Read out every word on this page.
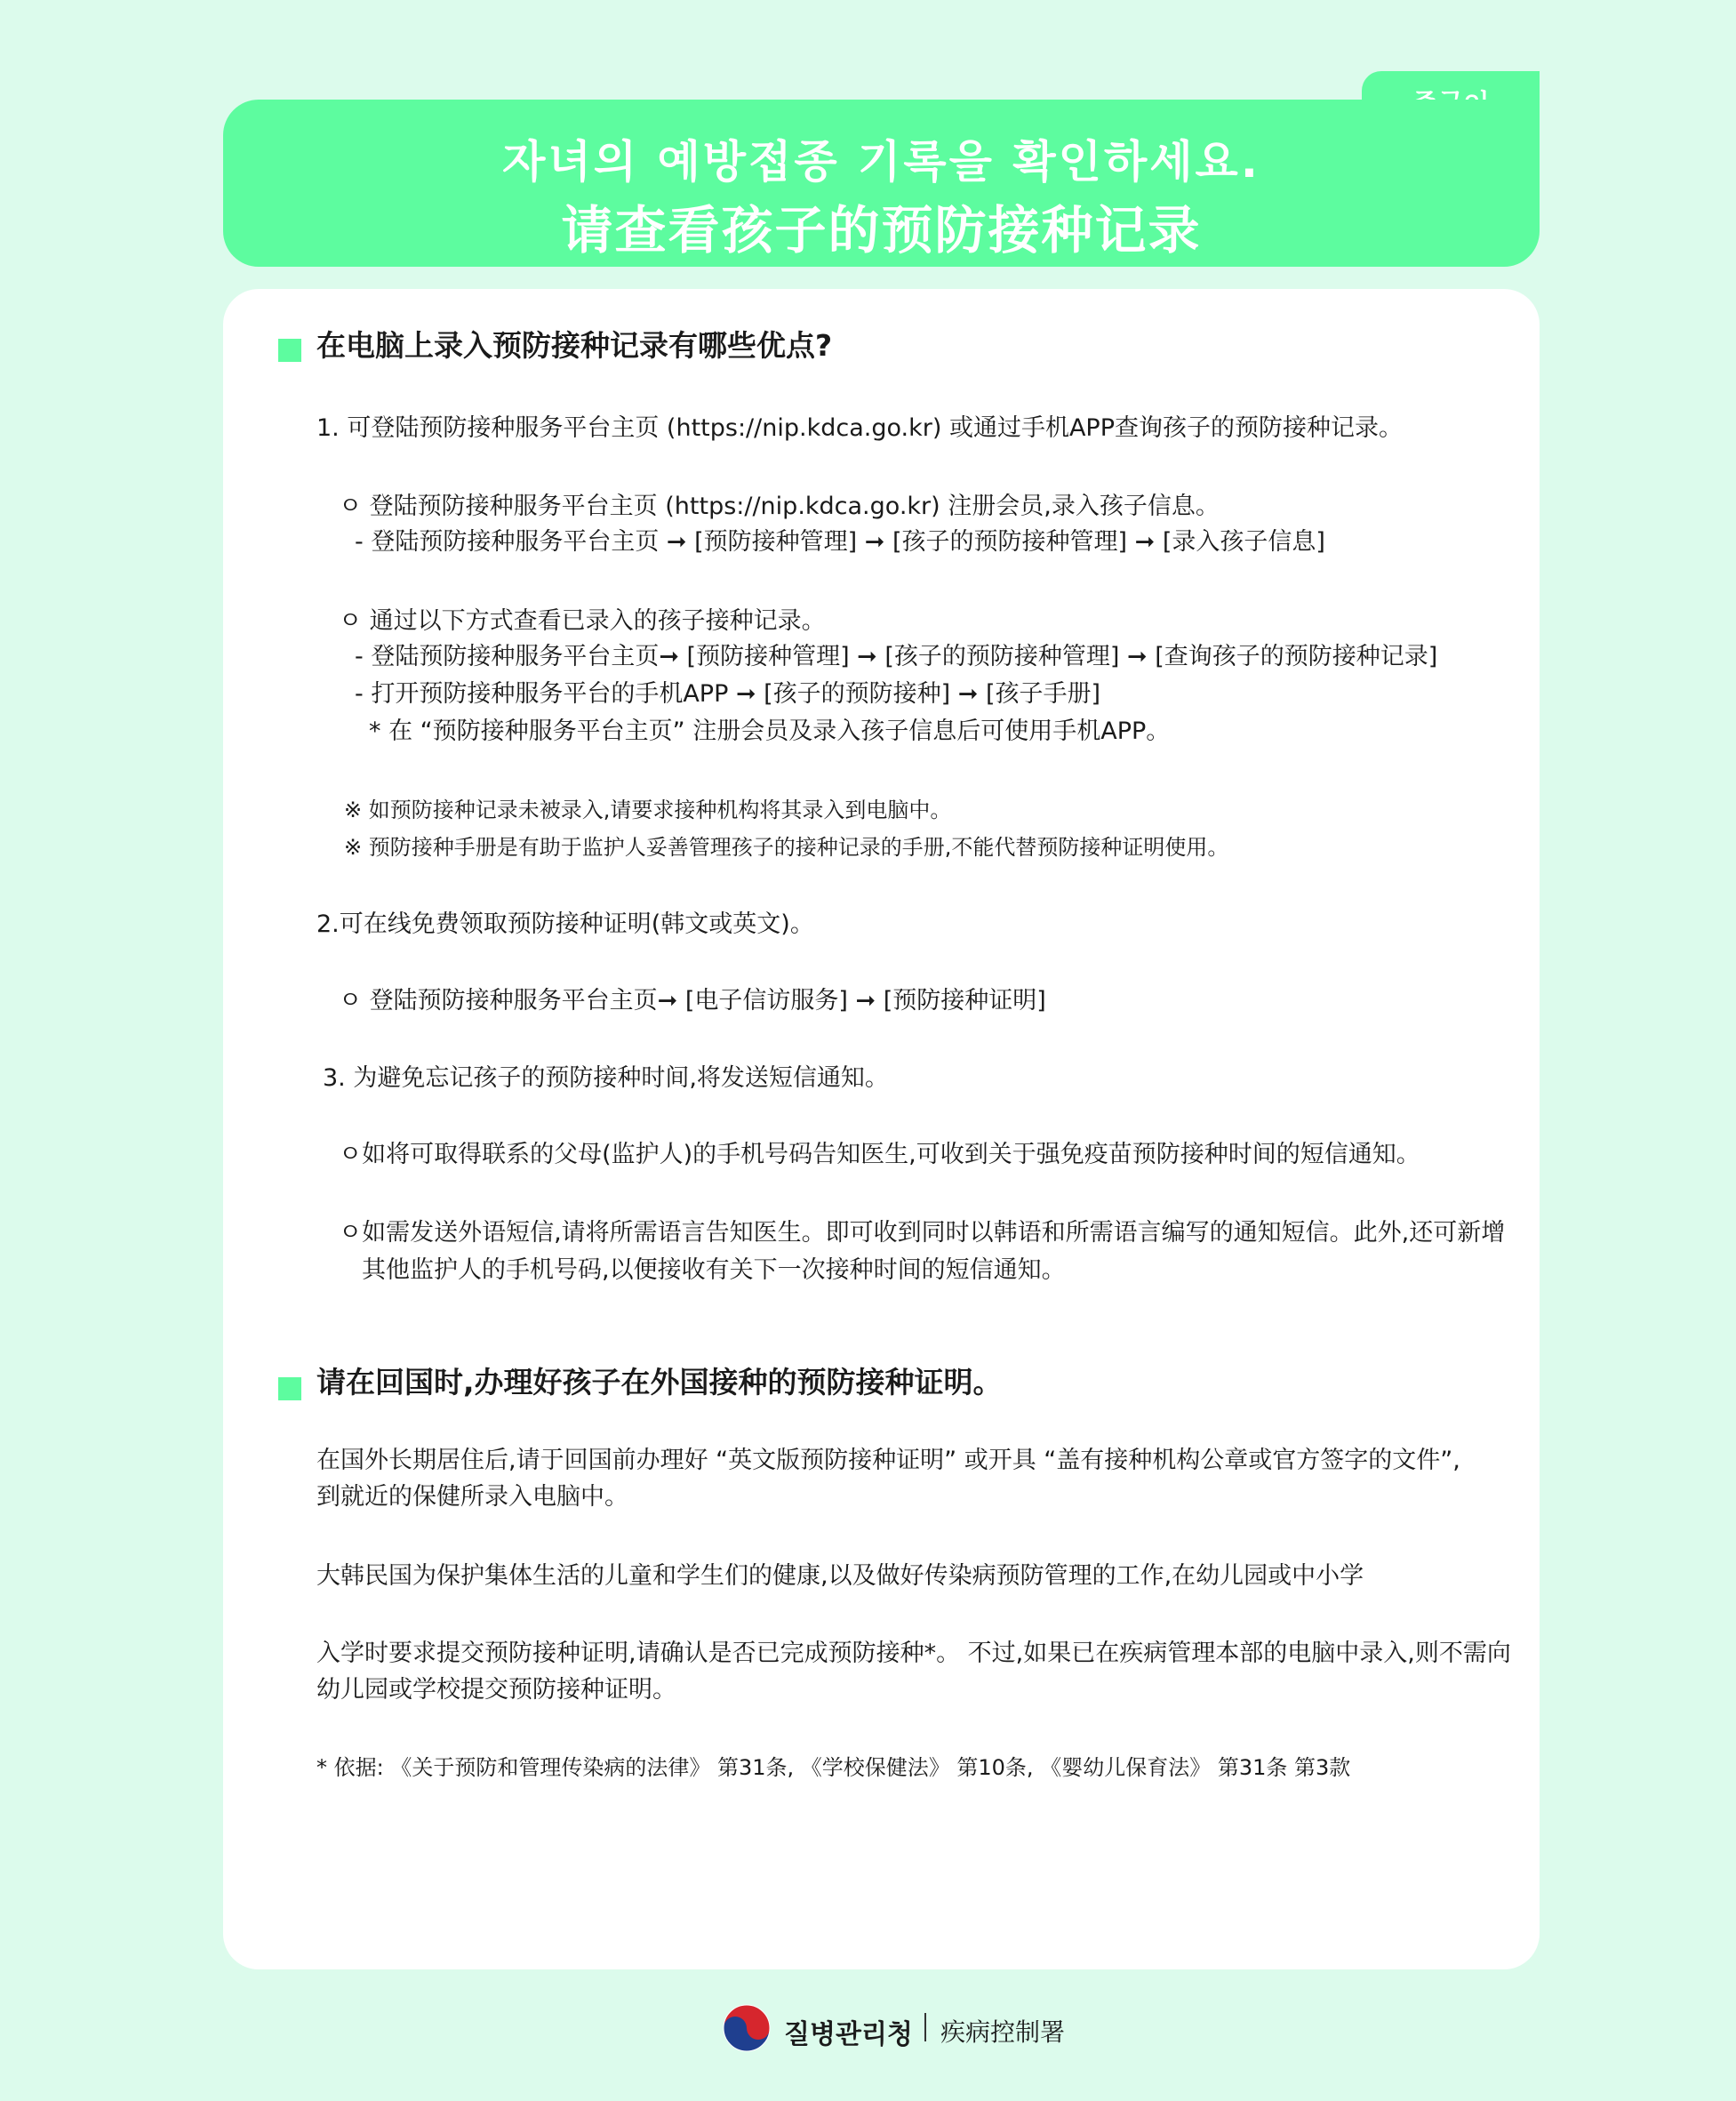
자녀의 예방접종 기록을 확인하세요.
请查看孩子的预防接种记录
在电脑上录入预防接种记录有哪些优点?
1. 可登陆预防接种服务平台主页 (https://nip.kdca.go.kr) 或通过手机APP查询孩子的预防接种记录。
ㅇ 登陆预防接种服务平台主页 (https://nip.kdca.go.kr) 注册会员,录入孩子信息。
- 登陆预防接种服务平台主页 ➞ [预防接种管理] ➞ [孩子的预防接种管理] ➞ [录入孩子信息]
ㅇ 通过以下方式查看已录入的孩子接种记录。
- 登陆预防接种服务平台主页➞ [预防接种管理] ➞ [孩子的预防接种管理] ➞ [查询孩子的预防接种记录]
- 打开预防接种服务平台的手机APP ➞ [孩子的预防接种] ➞ [孩子手册]
* 在 “预防接种服务平台主页” 注册会员及录入孩子信息后可使用手机APP。
※ 如预防接种记录未被录入,请要求接种机构将其录入到电脑中。
※ 预防接种手册是有助于监护人妥善管理孩子的接种记录的手册,不能代替预防接种证明使用。
2.可在线免费领取预防接种证明(韩文或英文)。
ㅇ 登陆预防接种服务平台主页➞ [电子信访服务] ➞ [预防接种证明]
3. 为避免忘记孩子的预防接种时间,将发送短信通知。
ㅇ如将可取得联系的父母(监护人)的手机号码告知医生,可收到关于强免疫苗预防接种时间的短信通知。
ㅇ如需发送外语短信,请将所需语言告知医生。即可收到同时以韩语和所需语言编写的通知短信。此外,还可新增
其他监护人的手机号码,以便接收有关下一次接种时间的短信通知。
请在回国时,办理好孩子在外国接种的预防接种证明。
在国外长期居住后,请于回国前办理好 “英文版预防接种证明” 或开具 “盖有接种机构公章或官方签字的文件”,
到就近的保健所录入电脑中。
大韩民国为保护集体生活的儿童和学生们的健康,以及做好传染病预防管理的工作,在幼儿园或中小学
入学时要求提交预防接种证明,请确认是否已完成预防接种*。 不过,如果已在疾病管理本部的电脑中录入,则不需向
幼儿园或学校提交预防接种证明。
* 依据: 《关于预防和管理传染病的法律》 第31条, 《学校保健法》 第10条, 《婴幼儿保育法》 第31条 第3款
질병관리청 疾病控制署
